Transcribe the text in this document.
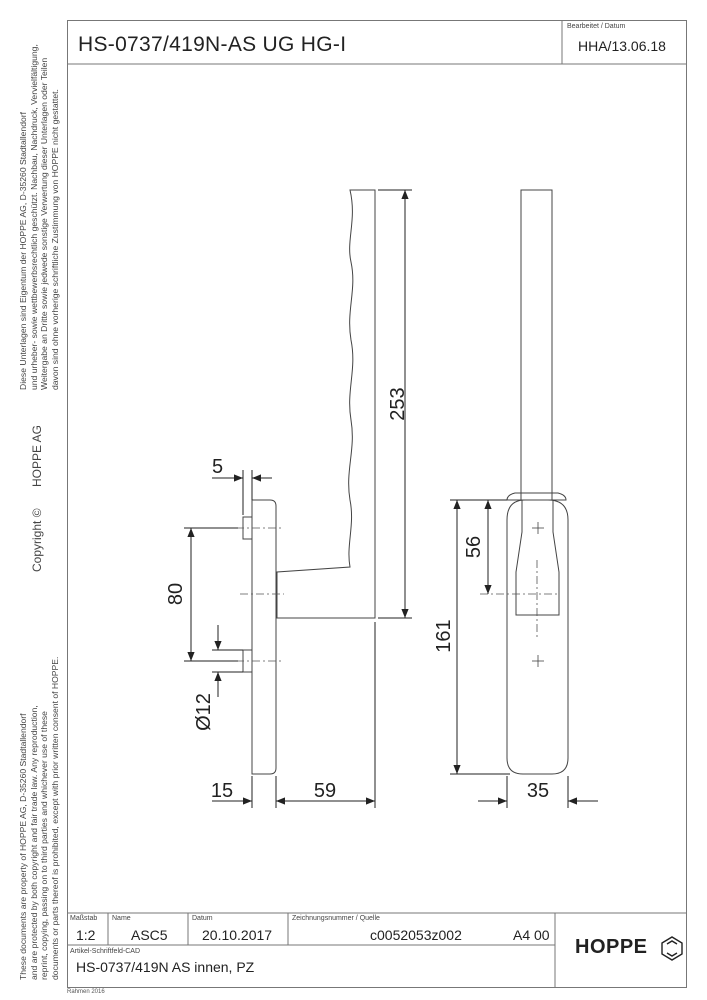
HS-0737/419N-AS UG HG-I
Bearbeitet / Datum
HHA/13.06.18
Diese Unterlagen sind Eigentum der HOPPE AG, D-35260 Stadtallendorf und urheber- sowie wettbewerbsrechtlich geschützt. Nachbau, Nachdruck, Vervielfältigung, Weitergabe an Dritte sowie jedwede sonstige Verwertung dieser Unterlagen oder Teilen davon sind ohne vorherige schriftliche Zustimmung von HOPPE nicht gestattet.
HOPPE AG
Copyright ©
These documents are property of HOPPE AG, D-35260 Stadtallendorf and are protected by both copyright and fair trade law. Any reproduction, reprint, copying, passing on to third parties and whichever use of these documents or parts thereof is prohibited, except with prior written consent of HOPPE.
253
5
80
Ø12
15	59
56
161
35
Maßstab
1:2
Name
ASC5
Datum
20.10.2017
Zeichnungsnummer / Quelle
c0052053z002	A4 00
Artikel-Schriftfeld-CAD
HS-0737/419N AS innen, PZ
HOPPE
Rahmen 2016
